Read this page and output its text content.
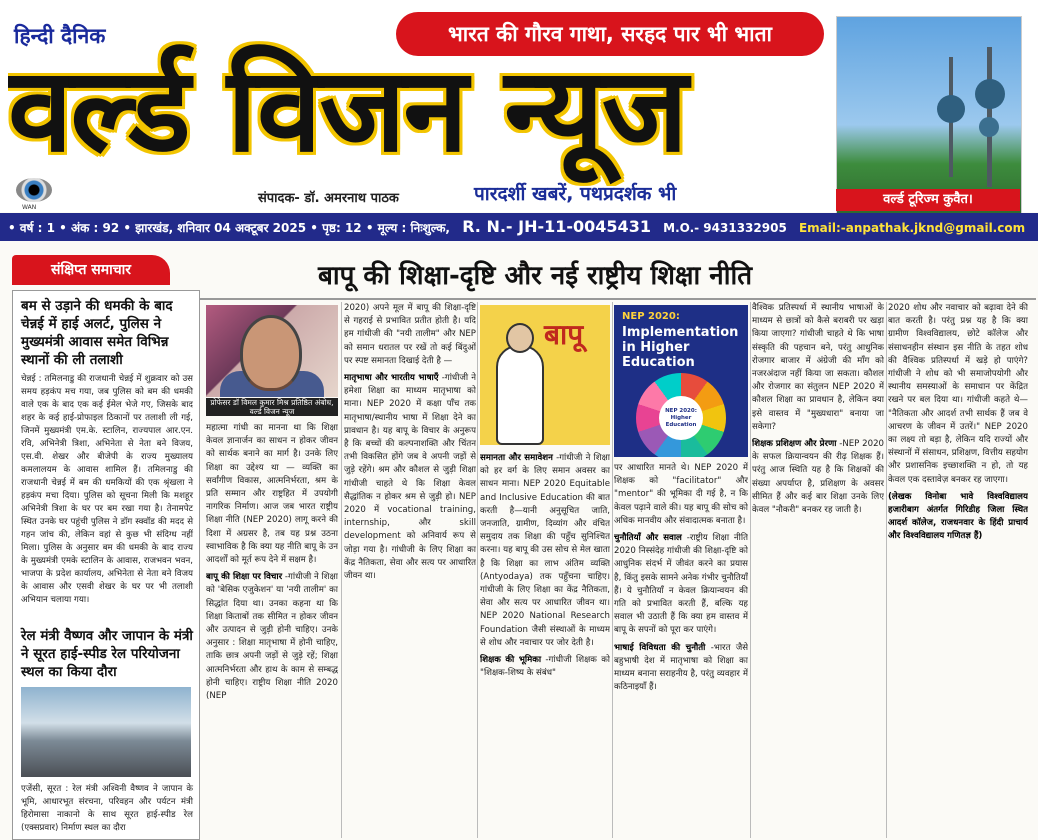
हिन्दी दैनिक	भारत की गौरव गाथा, सरहद पार भी भाता
वर्ल्ड विजन न्यूज
WAN
संपादक- डॉ. अमरनाथ पाठक	पारदर्शी खबरें, पथप्रदर्शक भी	वर्ल्ड टूरिज्म कुवैत।
• वर्ष : 1 • अंक : 92 • झारखंड, शनिवार 04 अक्टूबर 2025 • पृष्ठ: 12 • मूल्य : निःशुल्क, R. N.- JH-11-0045431 M.O.- 9431332905 Email:-anpathak.jknd@gmail.com
संक्षिप्त समाचार
बम से उड़ाने की धमकी के बाद चेन्नई में हाई अलर्ट, पुलिस ने मुख्यमंत्री आवास समेत विभिन्न स्थानों की ली तलाशी
चेन्नई : तमिलनाडु की राजधानी चेन्नई में शुक्रवार को उस समय हड़कंप मच गया, जब पुलिस को बम की धमकी वाले एक के बाद एक कई ईमेल भेजे गए, जिसके बाद शहर के कई हाई-प्रोफाइल ठिकानों पर तलाशी ली गई, जिनमें मुख्यमंत्री एम.के. स्टालिन, राज्यपाल आर.एन. रवि, अभिनेत्री त्रिशा, अभिनेता से नेता बने विजय, एस.वी. शेखर और बीजेपी के राज्य मुख्यालय कमलालयम के आवास शामिल हैं। तमिलनाडु की राजधानी चेन्नई में बम की धमकियों की एक श्रृंखला ने हड़कंप मचा दिया। पुलिस को सूचना मिली कि मशहूर अभिनेत्री त्रिशा के घर पर बम रखा गया है। तेनामपेट स्थित उनके घर पहुंची पुलिस ने डॉग स्क्वॉड की मदद से गहन जांच की, लेकिन वहां से कुछ भी संदिग्ध नहीं मिला। पुलिस के अनुसार बम की धमकी के बाद राज्य के मुख्यमंत्री एमके स्टालिन के आवास, राजभवन भवन, भाजपा के प्रदेश कार्यालय, अभिनेता से नेता बने विजय के आवास और एसवी शेखर के घर पर भी तलाशी अभियान चलाया गया।
रेल मंत्री वैष्णव और जापान के मंत्री ने सूरत हाई-स्पीड रेल परियोजना स्थल का किया दौरा
एजेंसी, सूरत : रेल मंत्री अश्विनी वैष्णव ने जापान के भूमि, आधारभूत संरचना, परिवहन और पर्यटन मंत्री हिरोमासा नाकानो के साथ सूरत हाई-स्पीड रेल (एक्सप्रवार) निर्माण स्थल का दौरा
बापू की शिक्षा-दृष्टि और नई राष्ट्रीय शिक्षा नीति
प्रोफेसर डॉ विमल कुमार मिश्र प्रतिष्ठित अंबोध, वर्ल्ड विजन न्यूज
बापू
NEP 2020:
Implementation in Higher Education
NEP 2020: Higher Education

महात्मा गांधी का मानना था कि शिक्षा केवल ज्ञानार्जन का साधन न होकर जीवन को सार्थक बनाने का मार्ग है। उनके लिए शिक्षा का उद्देश्य था — व्यक्ति का सर्वांगीण विकास, आत्मनिर्भरता, श्रम के प्रति सम्मान और राष्ट्रहित में उपयोगी नागरिक निर्माण। आज जब भारत राष्ट्रीय शिक्षा नीति (NEP 2020) लागू करने की दिशा में अग्रसर है, तब यह प्रश्न उठना स्वाभाविक है कि क्या यह नीति बापू के उन आदर्शों को मूर्त रूप देने में सक्षम है।

बापू की शिक्षा पर विचार -गांधीजी ने शिक्षा को 'बेसिक एजुकेशन' या 'नयी तालीम' का सिद्धांत दिया था। उनका कहना था कि शिक्षा किताबों तक सीमित न होकर जीवन और उत्पादन से जुड़ी होनी चाहिए। उनके अनुसार : शिक्षा मातृभाषा में होनी चाहिए, ताकि छात्र अपनी जड़ों से जुड़े रहें; शिक्षा आत्मनिर्भरता और हाथ के काम से सम्बद्ध होनी चाहिए। राष्ट्रीय शिक्षा नीति 2020 (NEP

2020) अपने मूल में बापू की शिक्षा-दृष्टि से गहराई से प्रभावित प्रतीत होती है। यदि हम गांधीजी की "नयी तालीम" और NEP को समान धरातल पर रखें तो कई बिंदुओं पर स्पष्ट समानता दिखाई देती है —

मातृभाषा और भारतीय भाषाएँ -गांधीजी ने हमेशा शिक्षा का माध्यम मातृभाषा को माना। NEP 2020 में कक्षा पाँच तक मातृभाषा/स्थानीय भाषा में शिक्षा देने का प्रावधान है। यह बापू के विचार के अनुरूप है कि बच्चों की कल्पनाशक्ति और चिंतन तभी विकसित होंगे जब वे अपनी जड़ों से जुड़े रहेंगे। श्रम और कौशल से जुड़ी शिक्षा गांधीजी चाहते थे कि शिक्षा केवल सैद्धांतिक न होकर श्रम से जुड़ी हो। NEP 2020 में vocational training, internship, और skill development को अनिवार्य रूप से जोड़ा गया है। गांधीजी के लिए शिक्षा का केंद्र नैतिकता, सेवा और सत्य पर आधारित जीवन था।

समानता और समावेशन -गांधीजी ने शिक्षा को हर वर्ग के लिए समान अवसर का साधन माना। NEP 2020 Equitable and Inclusive Education की बात करती है—यानी अनुसूचित जाति, जनजाति, ग्रामीण, दिव्यांग और वंचित समुदाय तक शिक्षा की पहुँच सुनिश्चित करना। यह बापू की उस सोच से मेल खाता है कि शिक्षा का लाभ अंतिम व्यक्ति (Antyodaya) तक पहुँचना चाहिए। गांधीजी के लिए शिक्षा का केंद्र नैतिकता, सेवा और सत्य पर आधारित जीवन था। NEP 2020 National Research Foundation जैसी संस्थाओं के माध्यम से शोध और नवाचार पर जोर देती है।

शिक्षक की भूमिका -गांधीजी शिक्षक को "शिक्षक-शिष्य के संबंध"

पर आधारित मानते थे। NEP 2020 में शिक्षक को "facilitator" और "mentor" की भूमिका दी गई है, न कि केवल पढ़ाने वाले की। यह बापू की सोच को अधिक मानवीय और संवादात्मक बनाता है।

चुनौतियाँ और सवाल -राष्ट्रीय शिक्षा नीति 2020 निस्संदेह गांधीजी की शिक्षा-दृष्टि को आधुनिक संदर्भ में जीवंत करने का प्रयास है, किंतु इसके सामने अनेक गंभीर चुनौतियाँ हैं। ये चुनौतियाँ न केवल क्रियान्वयन की गति को प्रभावित करती हैं, बल्कि यह सवाल भी उठाती हैं कि क्या हम वास्तव में बापू के सपनों को पूरा कर पाएंगे।

भाषाई विविधता की चुनौती -भारत जैसे बहुभाषी देश में मातृभाषा को शिक्षा का माध्यम बनाना सराहनीय है, परंतु व्यवहार में कठिनाइयाँ हैं।

वैश्विक प्रतिस्पर्धा में स्थानीय भाषाओं के माध्यम से छात्रों को कैसे बराबरी पर खड़ा किया जाएगा? गांधीजी चाहते थे कि भाषा संस्कृति की पहचान बने, परंतु आधुनिक रोजगार बाजार में अंग्रेजी की माँग को नजरअंदाज नहीं किया जा सकता। कौशल और रोजगार का संतुलन NEP 2020 में कौशल शिक्षा का प्रावधान है, लेकिन क्या इसे वास्तव में "मुख्यधारा" बनाया जा सकेगा?

शिक्षक प्रशिक्षण और प्रेरणा -NEP 2020 के सफल क्रियान्वयन की रीढ़ शिक्षक हैं। परंतु आज स्थिति यह है कि शिक्षकों की संख्या अपर्याप्त है, प्रशिक्षण के अवसर सीमित हैं और कई बार शिक्षा उनके लिए केवल "नौकरी" बनकर रह जाती है।

2020 शोध और नवाचार को बढ़ावा देने की बात करती है। परंतु प्रश्न यह है कि क्या ग्रामीण विश्वविद्यालय, छोटे कॉलेज और संसाधनहीन संस्थान इस नीति के तहत शोध की वैश्विक प्रतिस्पर्धा में खड़े हो पाएंगे? गांधीजी ने शोध को भी समाजोपयोगी और स्थानीय समस्याओं के समाधान पर केंद्रित रखने पर बल दिया था। गांधीजी कहते थे— "नैतिकता और आदर्श तभी सार्थक हैं जब वे आचरण के जीवन में उतरें।" NEP 2020 का लक्ष्य तो बड़ा है, लेकिन यदि राज्यों और संस्थानों में संसाधन, प्रशिक्षण, वित्तीय सहयोग और प्रशासनिक इच्छाशक्ति न हो, तो यह केवल एक दस्तावेज़ बनकर रह जाएगा।

(लेखक विनोबा भावे विश्वविद्यालय हजारीबाग अंतर्गत गिरिडीह जिला स्थित आदर्श कॉलेज, राजधनवार के हिंदी प्राचार्य और विश्वविद्यालय गणितज्ञ हैं)
